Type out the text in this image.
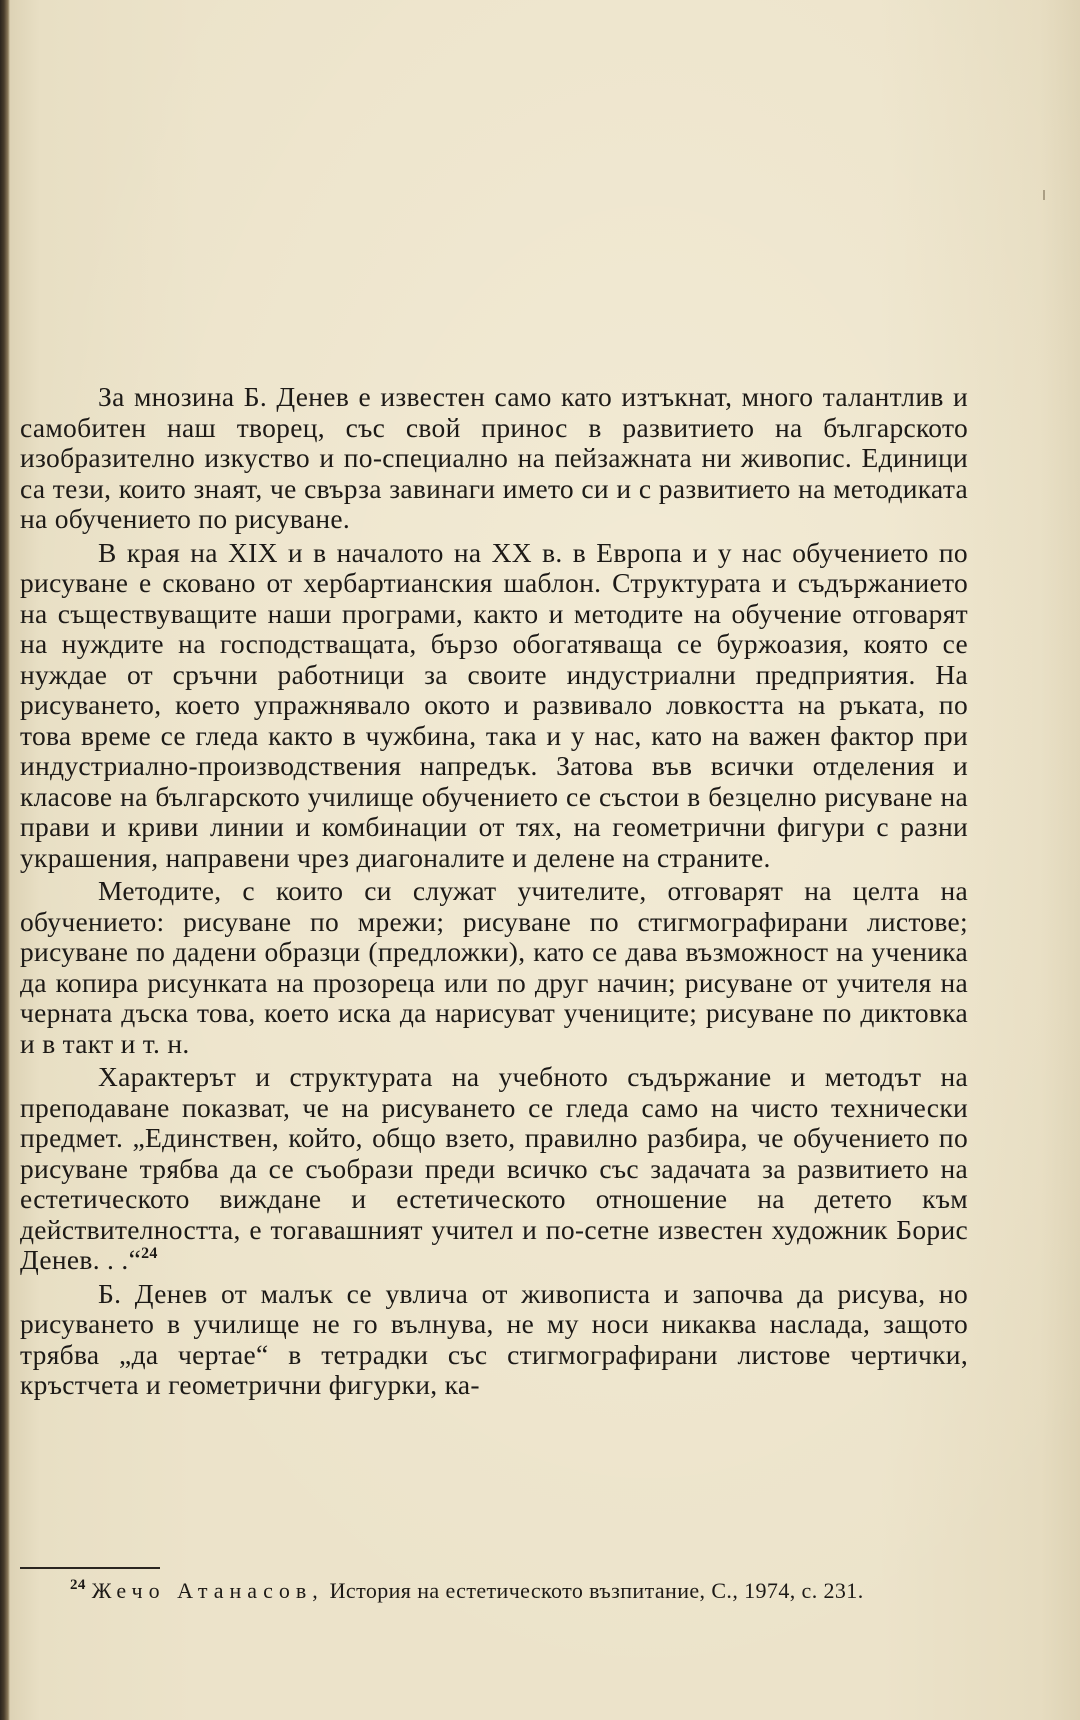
За мнозина Б. Денев е известен само като изтъкнат, много талантлив и самобитен наш творец, със свой принос в развитието на българското изобразително изкуство и по-специално на пейзажната ни живопис. Единици са тези, които знаят, че свърза завинаги името си и с развитието на методиката на обучението по рисуване.

В края на XIX и в началото на XX в. в Европа и у нас обучението по рисуване е сковано от хербартианския шаблон. Структурата и съдържанието на съществуващите наши програми, както и методите на обучение отговарят на нуждите на господстващата, бързо обогатяваща се буржоазия, която се нуждае от сръчни работници за своите индустриални предприятия. На рисуването, което упражнявало окото и развивало ловкостта на ръката, по това време се гледа както в чужбина, така и у нас, като на важен фактор при индустриално-производствения напредък. Затова във всички отделения и класове на българското училище обучението се състои в безцелно рисуване на прави и криви линии и комбинации от тях, на геометрични фигури с разни украшения, направени чрез диагоналите и делене на страните.

Методите, с които си служат учителите, отговарят на целта на обучението: рисуване по мрежи; рисуване по стигмографирани листове; рисуване по дадени образци (предложки), като се дава възможност на ученика да копира рисунката на прозореца или по друг начин; рисуване от учителя на черната дъска това, което иска да нарисуват учениците; рисуване по диктовка и в такт и т. н.

Характерът и структурата на учебното съдържание и методът на преподаване показват, че на рисуването се гледа само на чисто технически предмет. „Единствен, който, общо взето, правилно разбира, че обучението по рисуване трябва да се съобрази преди всичко със задачата за развитието на естетическото виждане и естетическото отношение на детето към действителността, е тогавашният учител и по-сетне известен художник Борис Денев. . .“$^{24}$

Б. Денев от малък се увлича от живописта и започва да рисува, но рисуването в училище не го вълнува, не му носи никаква наслада, защото трябва „да чертае“ в тетрадки със стигмографирани листове чертички, кръстчета и геометрични фигурки, ка-

24 Жечо Атанасов, История на естетическото възпитание, С., 1974, с. 231.
